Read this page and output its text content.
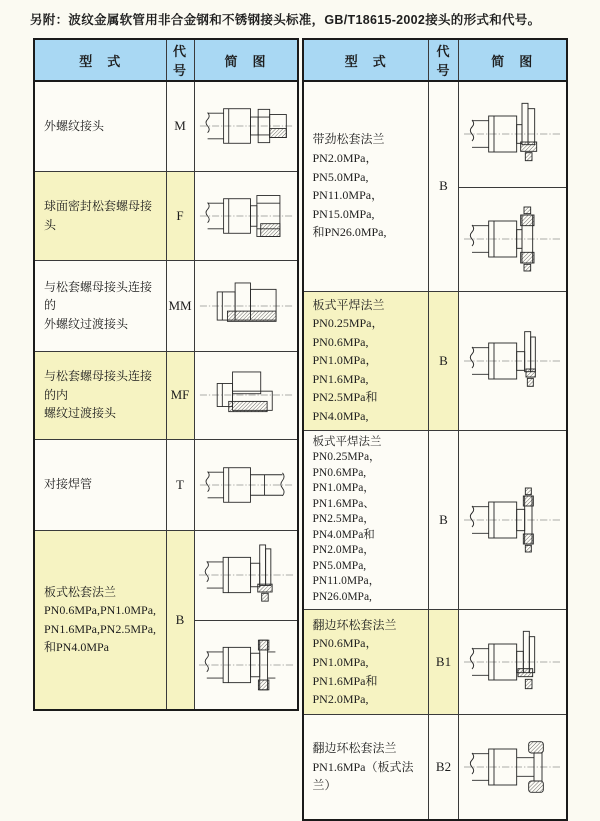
另附：波纹金属软管用非合金钢和不锈钢接头标准，GB/T18615-2002接头的形式和代号。
型　式	代号	简　图
外螺纹接头	M	
球面密封松套螺母接头	F	
与松套螺母接头连接的
外螺纹过渡接头	MM	
与松套螺母接头连接的内
螺纹过渡接头	MF	
对接焊管	T	
板式松套法兰
PN0.6MPa,PN1.0MPa,
PN1.6MPa,PN2.5MPa,
和PN4.0MPa	B	

型　式	代号	简　图
带劲松套法兰
PN2.0MPa，PN5.0MPa,
PN11.0MPa，PN15.0MPa,
和PN26.0MPa,	B	

板式平焊法兰
PN0.25MPa，PN0.6MPa,
PN1.0MPa，PN1.6MPa,
PN2.5MPa和PN4.0MPa,	B	
板式平焊法兰
PN0.25MPa，PN0.6MPa,
PN1.0MPa，PN1.6MPa、
PN2.5MPa，PN4.0MPa和
PN2.0MPa，PN5.0MPa,
PN11.0MPa，PN26.0MPa,	B	
翻边环松套法兰
PN0.6MPa，PN1.0MPa,
PN1.6MPa和PN2.0MPa,	B1	
翻边环松套法兰
PN1.6MPa（板式法兰）	B2	
